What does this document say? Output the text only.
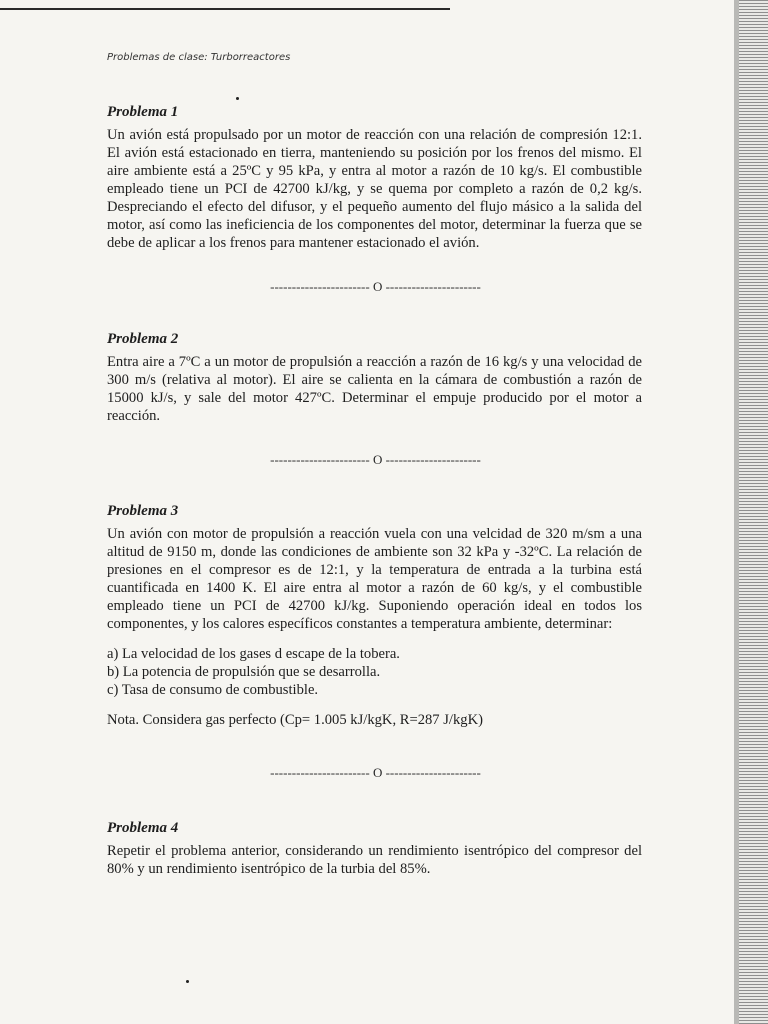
Problemas de clase: Turborreactores
Problema 1

Un avión está propulsado por un motor de reacción con una relación de compresión 12:1. El avión está estacionado en tierra, manteniendo su posición por los frenos del mismo. El aire ambiente está a 25ºC y 95 kPa, y entra al motor a razón de 10 kg/s. El combustible empleado tiene un PCI de 42700 kJ/kg, y se quema por completo a razón de 0,2 kg/s. Despreciando el efecto del difusor, y el pequeño aumento del flujo másico a la salida del motor, así como las ineficiencia de los componentes del motor, determinar la fuerza que se debe de aplicar a los frenos para mantener estacionado el avión.

----------------------- O ----------------------
Problema 2

Entra aire a 7ºC a un motor de propulsión a reacción a razón de 16 kg/s y una velocidad de 300 m/s (relativa al motor). El aire se calienta en la cámara de combustión a razón de 15000 kJ/s, y sale del motor 427ºC. Determinar el empuje producido por el motor a reacción.

----------------------- O ----------------------
Problema 3

Un avión con motor de propulsión a reacción vuela con una velcidad de 320 m/sm a una altitud de 9150 m, donde las condiciones de ambiente son 32 kPa y -32ºC. La relación de presiones en el compresor es de 12:1, y la temperatura de entrada a la turbina está cuantificada en 1400 K. El aire entra al motor a razón de 60 kg/s, y el combustible empleado tiene un PCI de 42700 kJ/kg. Suponiendo operación ideal en todos los componentes, y los calores específicos constantes a temperatura ambiente, determinar:

a) La velocidad de los gases d escape de la tobera.
b) La potencia de propulsión que se desarrolla.
c) Tasa de consumo de combustible.
Nota. Considera gas perfecto (Cp= 1.005 kJ/kgK, R=287 J/kgK)
----------------------- O ----------------------
Problema 4

Repetir el problema anterior, considerando un rendimiento isentrópico del compresor del 80% y un rendimiento isentrópico de la turbia del 85%.
